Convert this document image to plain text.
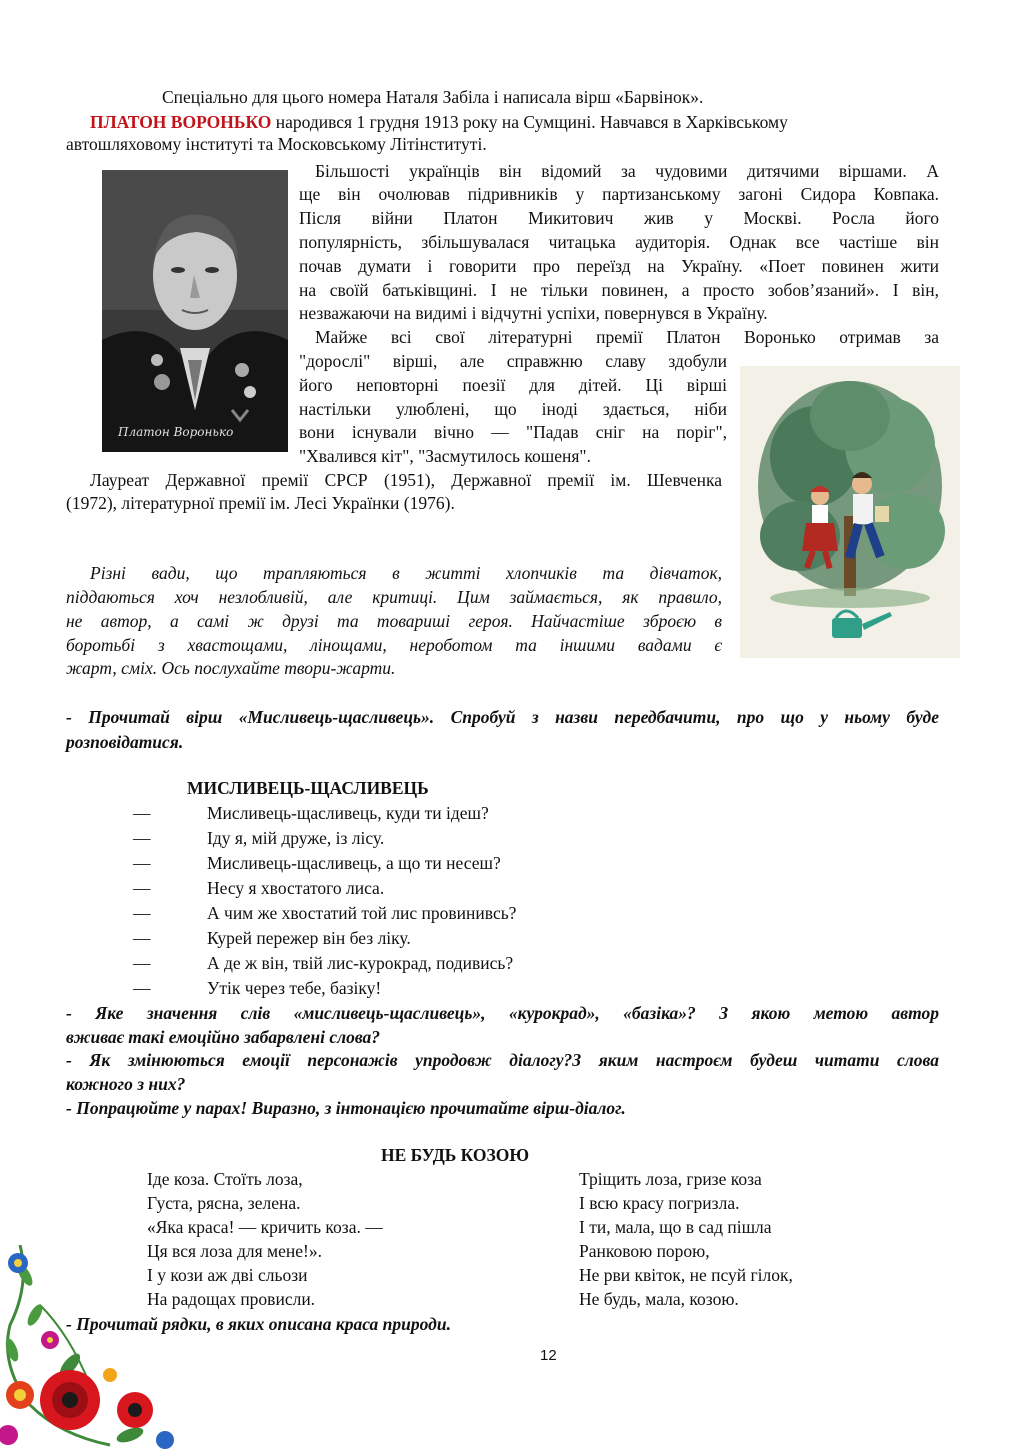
Спеціально для цього номера Наталя Забіла і написала вірш «Барвінок».
ПЛАТОН ВОРОНЬКО народився 1 грудня 1913 року на Сумщині. Навчався в Харківському
автошляховому інституті та Московському Літінституті.
Платон Воронько
Більшості українців він відомий за чудовими дитячими віршами. А
ще він очолював підривників у партизанському загоні Сидора Ковпака.
Після війни Платон Микитович жив у Москві. Росла його
популярність, збільшувалася читацька аудиторія. Однак все частіше він
почав думати і говорити про переїзд на Україну. «Поет повинен жити
на своїй батьківщині. І не тільки повинен, а просто зобов’язаний». І він,
незважаючи на видимі і відчутні успіхи, повернувся в Україну.
Майже всі свої літературні премії Платон Воронько отримав за
"дорослі" вірші, але справжню славу здобули
його неповторні поезії для дітей. Ці вірші
настільки улюблені, що іноді здається, ніби
вони існували вічно — "Падав сніг на поріг",
"Хвалився кіт", "Засмутилось кошеня".
Лауреат Державної премії СРСР (1951), Державної премії ім. Шевченка
(1972), літературної премії ім. Лесі Українки (1976).
Різні вади, що трапляються в житті хлопчиків та дівчаток,
піддаються хоч незлобливій, але критиці. Цим займається, як правило,
не автор, а самі ж друзі та товариші героя. Найчастіше зброєю в
боротьбі з хвастощами, лінощами, нероботом та іншими вадами є
жарт, сміх. Ось послухайте твори-жарти.
- Прочитай вірш «Мисливець-щасливець». Спробуй з назви передбачити, про що у ньому буде
розповідатися.
МИСЛИВЕЦЬ-ЩАСЛИВЕЦЬ
—	Мисливець-щасливець, куди ти ідеш?
—	Іду я, мій друже, із лісу.
—	Мисливець-щасливець, а що ти несеш?
—	Несу я хвостатого лиса.
—	А чим же хвостатий той лис провинивсь?
—	Курей пережер він без ліку.
—	А де ж він, твій лис-курокрад, подивись?
—	Утік через тебе, базіку!
- Яке значення слів «мисливець-щасливець», «курокрад», «базіка»? З якою метою автор
вживає такі емоційно забарвлені слова?
- Як змінюються емоції персонажів упродовж діалогу?З яким настроєм будеш читати слова
кожного з них?
- Попрацюйте у парах! Виразно, з інтонацією прочитайте вірш-діалог.
НЕ БУДЬ КОЗОЮ
Іде коза. Стоїть лоза,
Густа, рясна, зелена.
«Яка краса! — кричить коза. —
Ця вся лоза для мене!».
І у кози аж дві сльози
На радощах провисли.
Тріщить лоза, гризе коза
І всю красу погризла.
І ти, мала, що в сад пішла
Ранковою порою,
Не рви квіток, не псуй гілок,
Не будь, мала, козою.
- Прочитай рядки, в яких описана краса природи.
12
